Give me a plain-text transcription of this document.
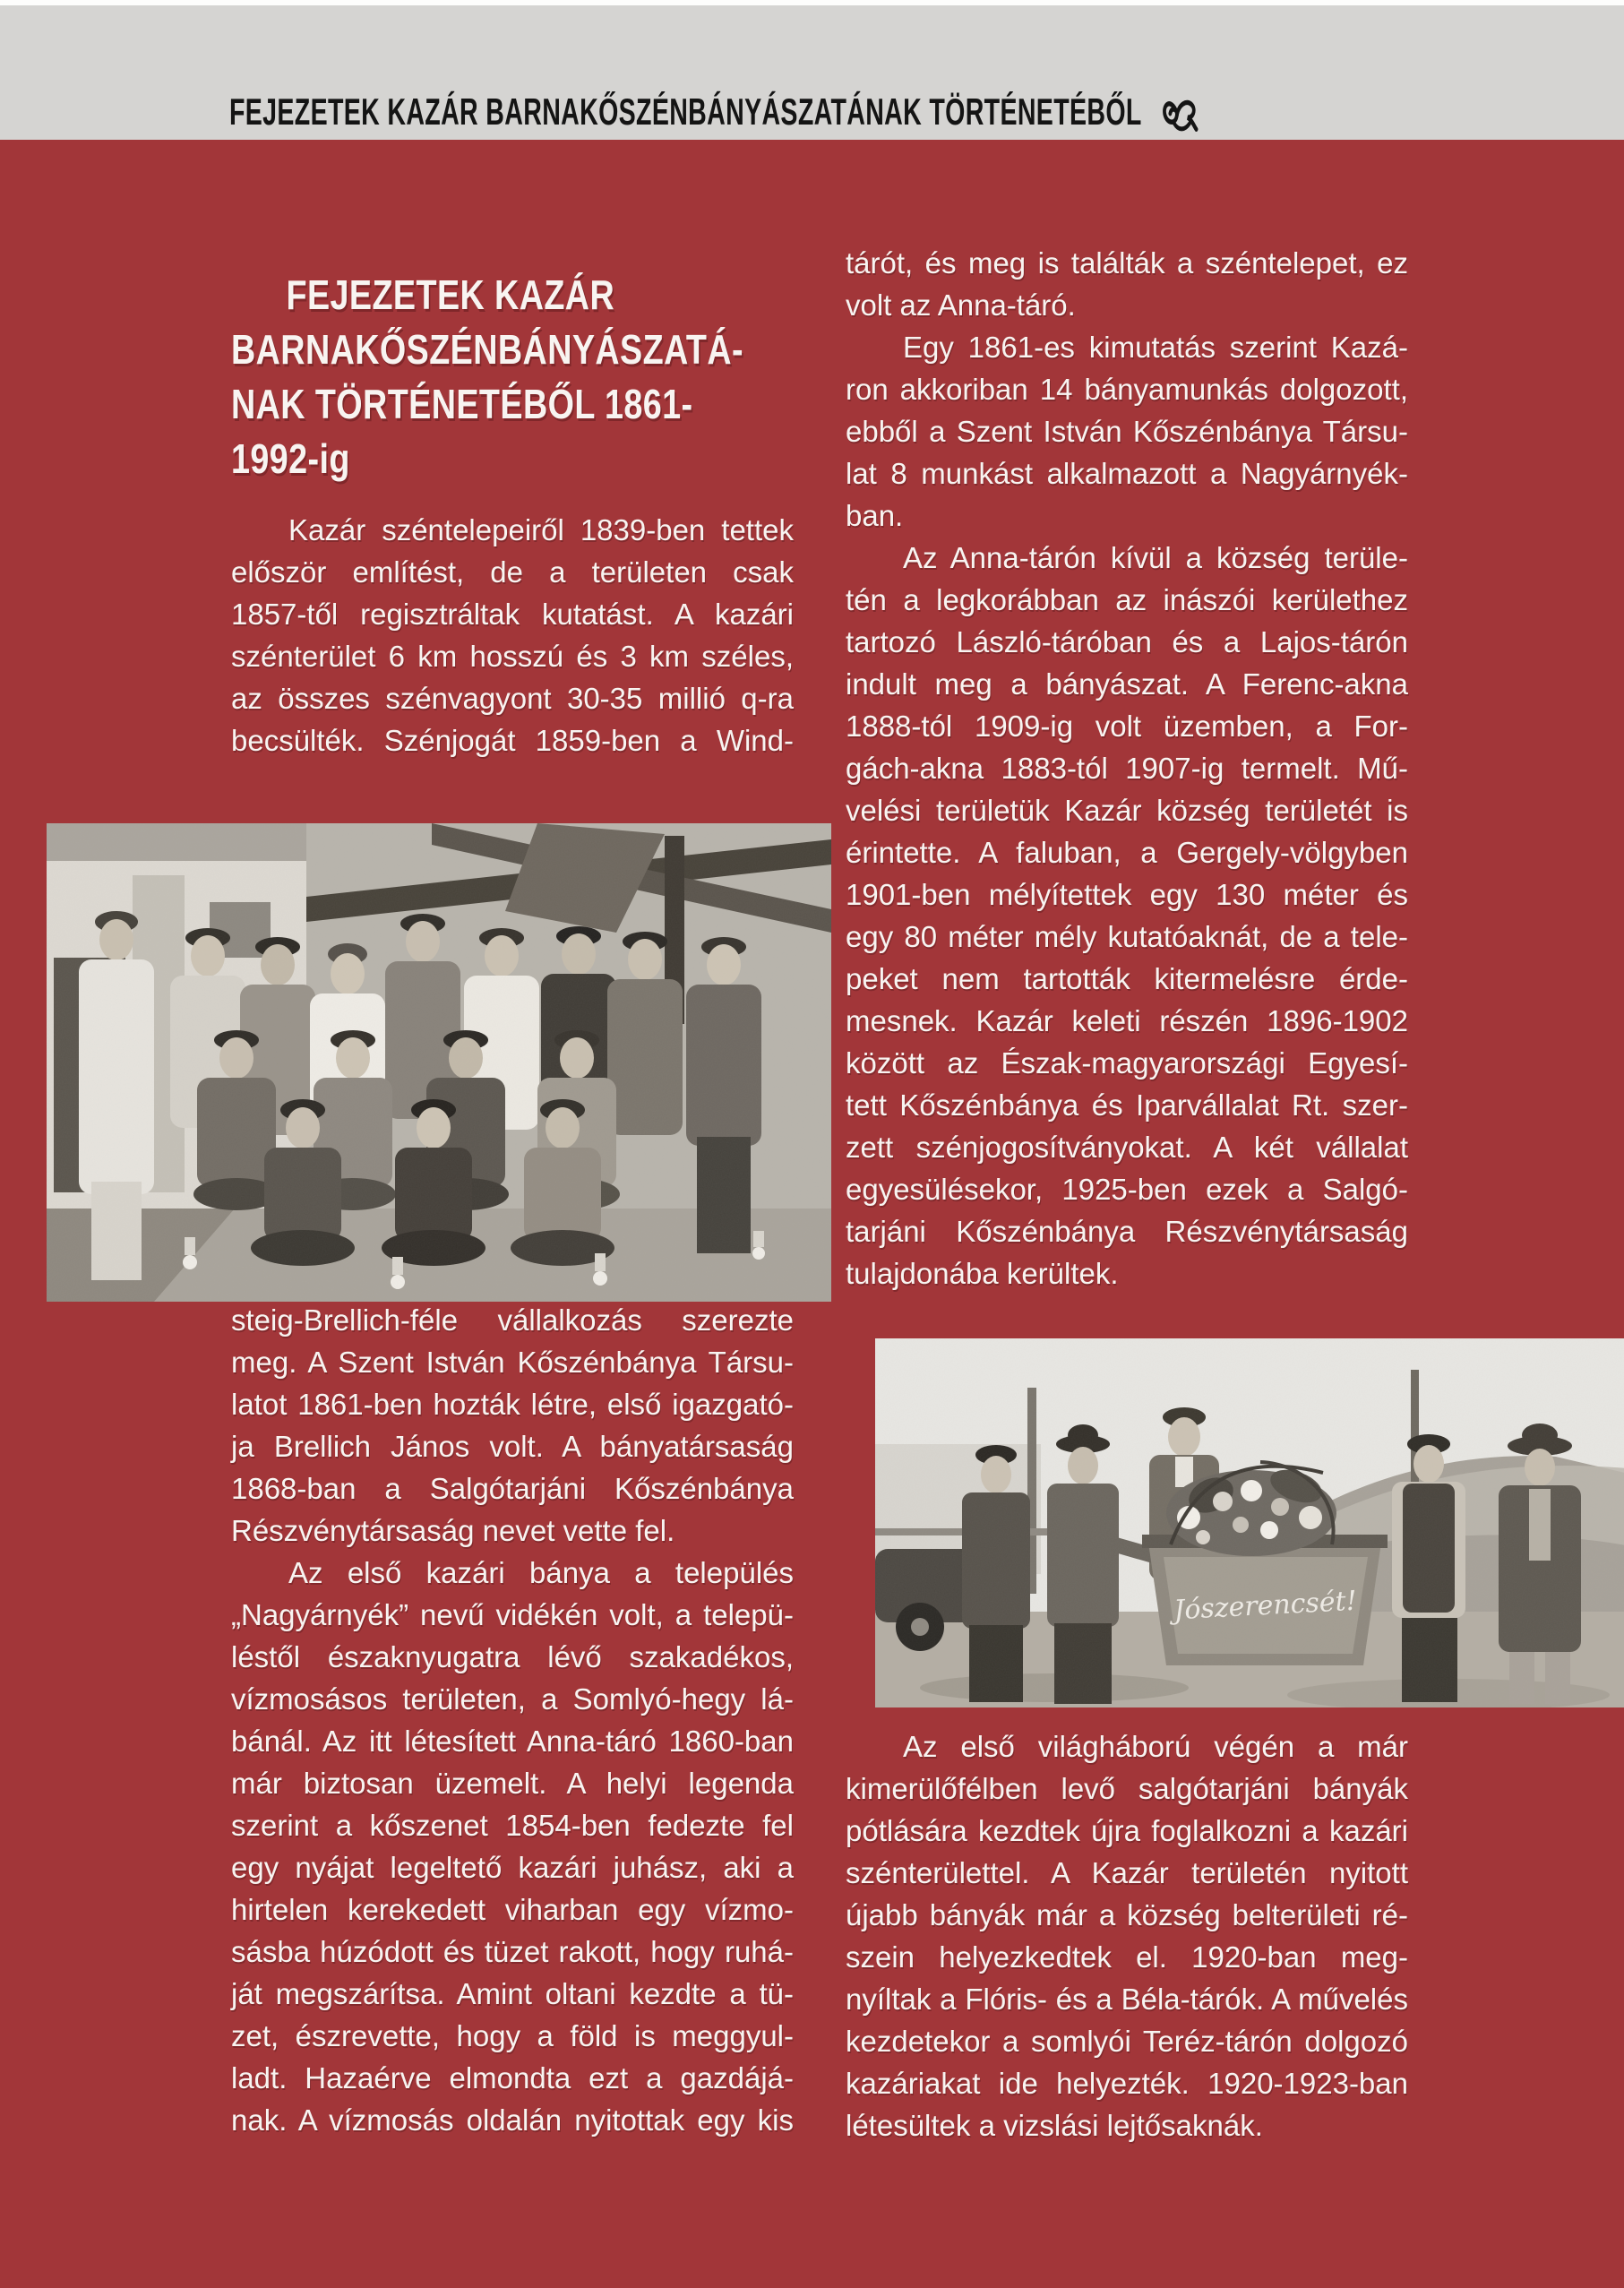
FEJEZETEK KAZÁR BARNAKŐSZÉNBÁNYÁSZATÁNAK TÖRTÉNETÉBŐL
FEJEZETEK KAZÁR
BARNAKŐSZÉNBÁNYÁSZATÁ-
NAK TÖRTÉNETÉBŐL 1861-
1992-ig
Kazár széntelepeiről 1839-ben tettek
először említést, de a területen csak
1857-től regisztráltak kutatást. A kazári
szénterület 6 km hosszú és 3 km széles,
az összes szénvagyont 30-35 millió q-ra
becsülték. Szénjogát 1859-ben a Wind-
steig-Brellich-féle vállalkozás szerezte
meg. A Szent István Kőszénbánya Társu-
latot 1861-ben hozták létre, első igazgató-
ja Brellich János volt. A bányatársaság
1868-ban a Salgótarjáni Kőszénbánya
Részvénytársaság nevet vette fel.
Az első kazári bánya a település
„Nagyárnyék” nevű vidékén volt, a telepü-
léstől északnyugatra lévő szakadékos,
vízmosásos területen, a Somlyó-hegy lá-
bánál. Az itt létesített Anna-táró 1860-ban
már biztosan üzemelt. A helyi legenda
szerint a kőszenet 1854-ben fedezte fel
egy nyájat legeltető kazári juhász, aki a
hirtelen kerekedett viharban egy vízmo-
sásba húzódott és tüzet rakott, hogy ruhá-
ját megszárítsa. Amint oltani kezdte a tü-
zet, észrevette, hogy a föld is meggyul-
ladt. Hazaérve elmondta ezt a gazdájá-
nak. A vízmosás oldalán nyitottak egy kis
tárót, és meg is találták a széntelepet, ez
volt az Anna-táró.
Egy 1861-es kimutatás szerint Kazá-
ron akkoriban 14 bányamunkás dolgozott,
ebből a Szent István Kőszénbánya Társu-
lat 8 munkást alkalmazott a Nagyárnyék-
ban.
Az Anna-tárón kívül a község terüle-
tén a legkorábban az inászói kerülethez
tartozó László-táróban és a Lajos-tárón
indult meg a bányászat. A Ferenc-akna
1888-tól 1909-ig volt üzemben, a For-
gách-akna 1883-tól 1907-ig termelt. Mű-
velési területük Kazár község területét is
érintette. A faluban, a Gergely-völgyben
1901-ben mélyítettek egy 130 méter és
egy 80 méter mély kutatóaknát, de a tele-
peket nem tartották kitermelésre érde-
mesnek. Kazár keleti részén 1896-1902
között az Észak-magyarországi Egyesí-
tett Kőszénbánya és Iparvállalat Rt. szer-
zett szénjogosítványokat. A két vállalat
egyesülésekor, 1925-ben ezek a Salgó-
tarjáni Kőszénbánya Részvénytársaság
tulajdonába kerültek.
Jószerencsét!
Az első világháború végén a már
kimerülőfélben levő salgótarjáni bányák
pótlására kezdtek újra foglalkozni a kazári
szénterülettel. A Kazár területén nyitott
újabb bányák már a község belterületi ré-
szein helyezkedtek el. 1920-ban meg-
nyíltak a Flóris- és a Béla-tárók. A művelés
kezdetekor a somlyói Teréz-tárón dolgozó
kazáriakat ide helyezték. 1920-1923-ban
létesültek a vizslási lejtősaknák.
